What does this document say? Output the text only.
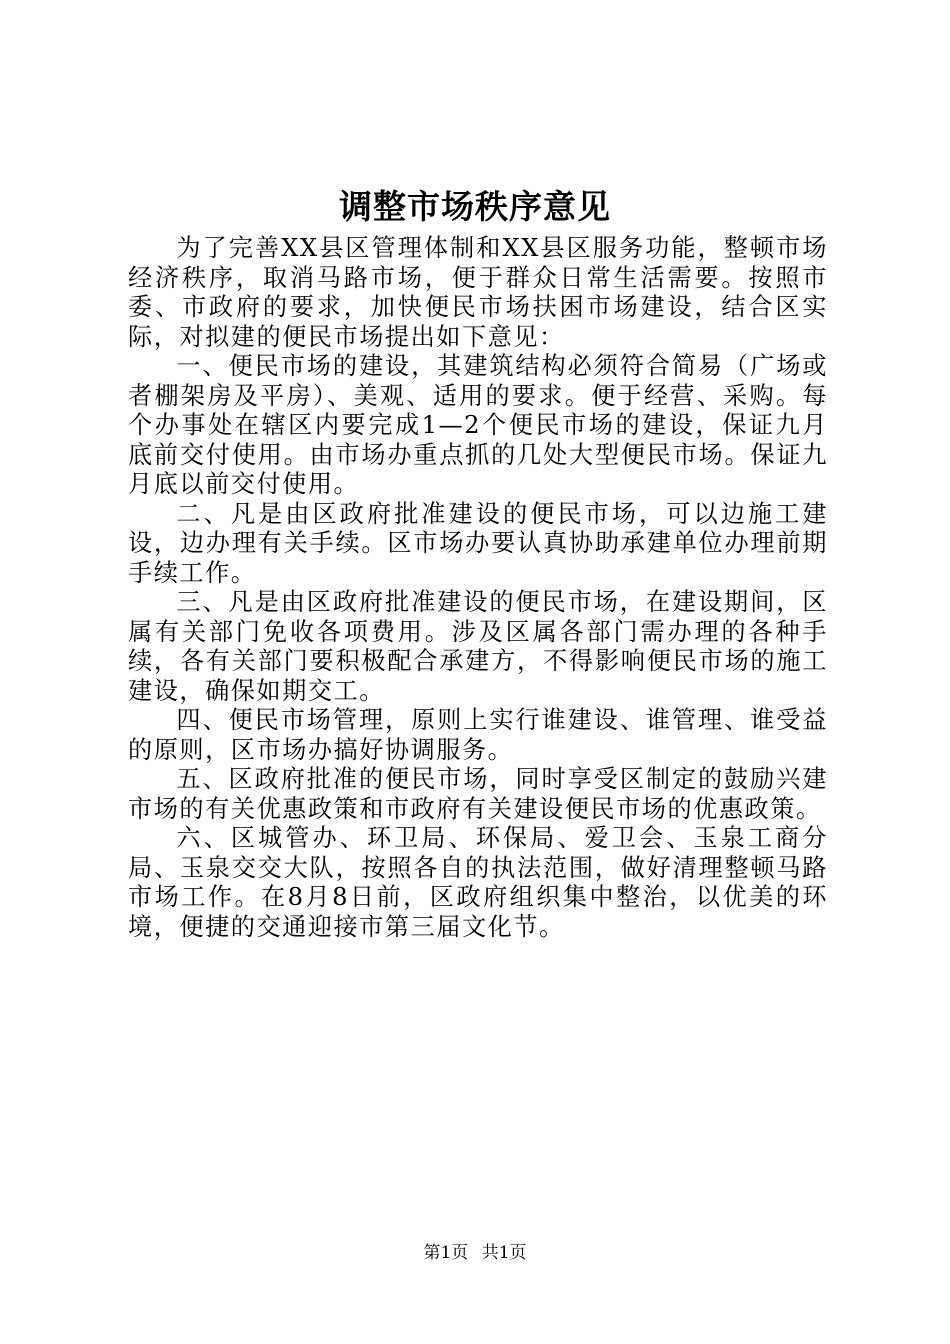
调整市场秩序意见

为了完善XX县区管理体制和XX县区服务功能，整顿市场经济秩序，取消马路市场，便于群众日常生活需要。按照市委、市政府的要求，加快便民市场扶困市场建设，结合区实际，对拟建的便民市场提出如下意见：

一、便民市场的建设，其建筑结构必须符合简易（广场或者棚架房及平房）、美观、适用的要求。便于经营、采购。每个办事处在辖区内要完成1—2个便民市场的建设，保证九月底前交付使用。由市场办重点抓的几处大型便民市场。保证九月底以前交付使用。

二、凡是由区政府批准建设的便民市场，可以边施工建设，边办理有关手续。区市场办要认真协助承建单位办理前期手续工作。

三、凡是由区政府批准建设的便民市场，在建设期间，区属有关部门免收各项费用。涉及区属各部门需办理的各种手续，各有关部门要积极配合承建方，不得影响便民市场的施工建设，确保如期交工。

四、便民市场管理，原则上实行谁建设、谁管理、谁受益的原则，区市场办搞好协调服务。

五、区政府批准的便民市场，同时享受区制定的鼓励兴建市场的有关优惠政策和市政府有关建设便民市场的优惠政策。

六、区城管办、环卫局、环保局、爱卫会、玉泉工商分局、玉泉交交大队，按照各自的执法范围，做好清理整顿马路市场工作。在8月8日前，区政府组织集中整治，以优美的环境，便捷的交通迎接市第三届文化节。

第1页 共1页
